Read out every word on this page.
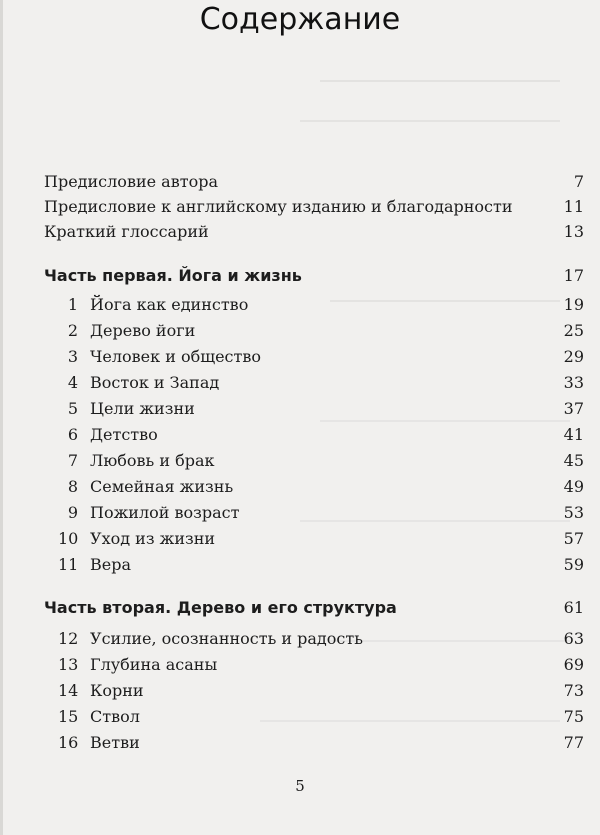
Содержание
Предисловие автора	7
Предисловие к английскому изданию и благодарности	11
Краткий глоссарий	13
Часть первая. Йога и жизнь	17
1 Йога как единство	19
2 Дерево йоги	25
3 Человек и общество	29
4 Восток и Запад	33
5 Цели жизни	37
6 Детство	41
7 Любовь и брак	45
8 Семейная жизнь	49
9 Пожилой возраст	53
10 Уход из жизни	57
11 Вера	59
Часть вторая. Дерево и его структура	61
12 Усилие, осознанность и радость	63
13 Глубина асаны	69
14 Корни	73
15 Ствол	75
16 Ветви	77
5
